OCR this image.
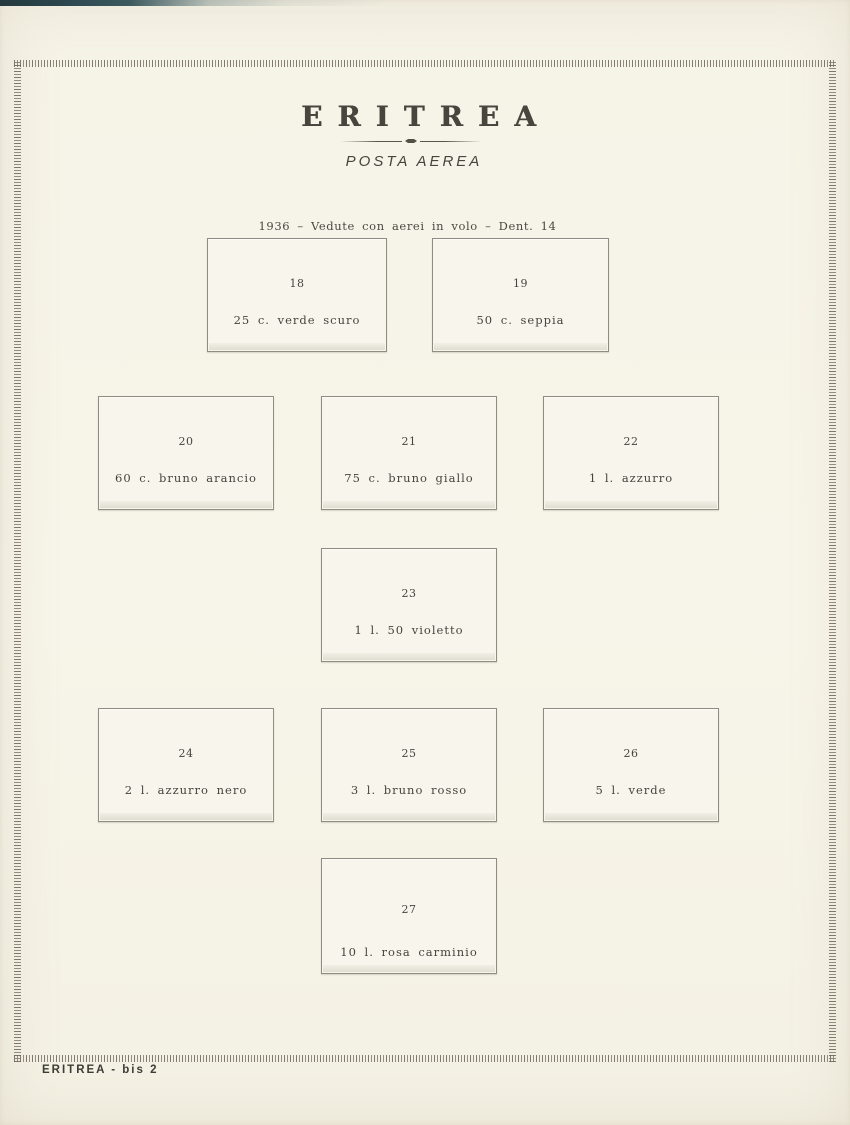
ERITREA
POSTA AEREA
1936 – Vedute con aerei in volo – Dent. 14
18
25 c. verde scuro
19
50 c. seppia
20
60 c. bruno arancio
21
75 c. bruno giallo
22
1 l. azzurro
23
1 l. 50 violetto
24
2 l. azzurro nero
25
3 l. bruno rosso
26
5 l. verde
27
10 l. rosa carminio
ERITREA - bis 2
